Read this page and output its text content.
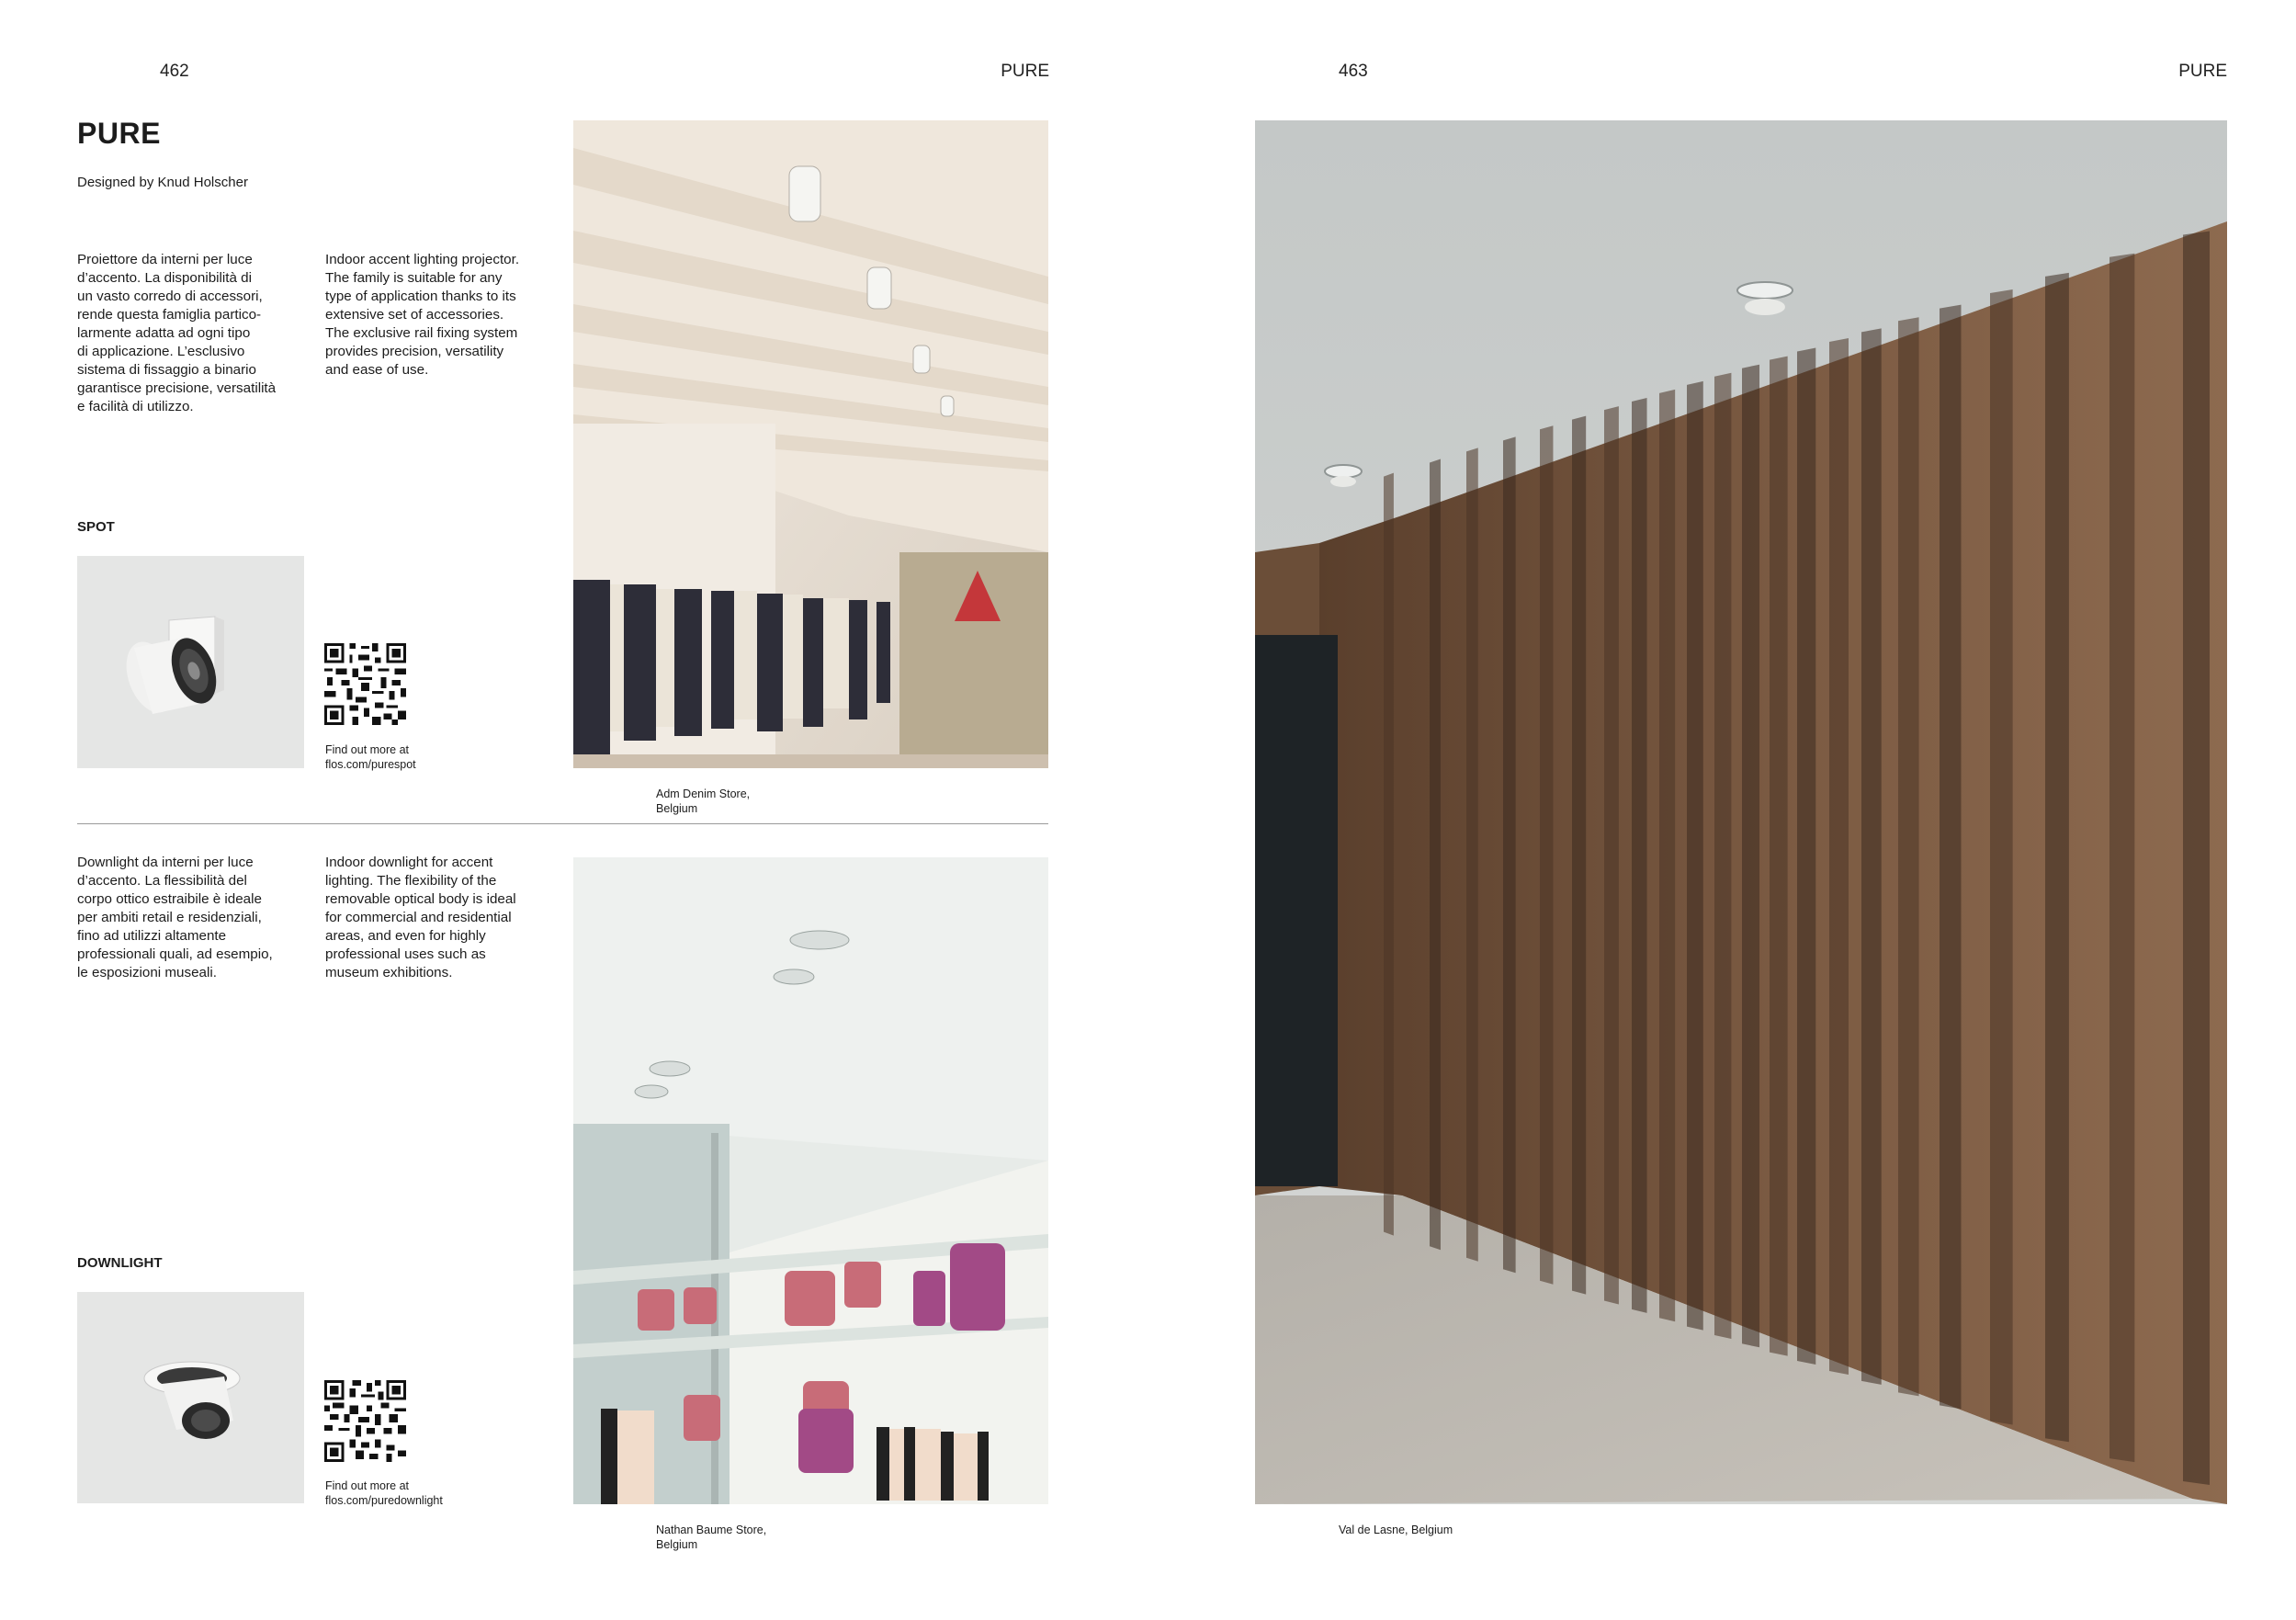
462	PURE
PURE
Designed by Knud Holscher
Proiettore da interni per luce
d’accento. La disponibilità di
un vasto corredo di accessori,
rende questa famiglia partico-
larmente adatta ad ogni tipo
di applicazione. L’esclusivo
sistema di fissaggio a binario
garantisce precisione, versatilità
e facilità di utilizzo.
Indoor accent lighting projector.
The family is suitable for any
type of application thanks to its
extensive set of accessories.
The exclusive rail fixing system
provides precision, versatility
and ease of use.
SPOT
Find out more at
flos.com/purespot
Adm Denim Store,
Belgium
Downlight da interni per luce
d’accento. La flessibilità del
corpo ottico estraibile è ideale
per ambiti retail e residenziali,
fino ad utilizzi altamente
professionali quali, ad esempio,
le esposizioni museali.
Indoor downlight for accent
lighting. The flexibility of the
removable optical body is ideal
for commercial and residential
areas, and even for highly
professional uses such as
museum exhibitions.
DOWNLIGHT
Find out more at
flos.com/puredownlight
Nathan Baume Store,
Belgium
463	PURE
Val de Lasne, Belgium
